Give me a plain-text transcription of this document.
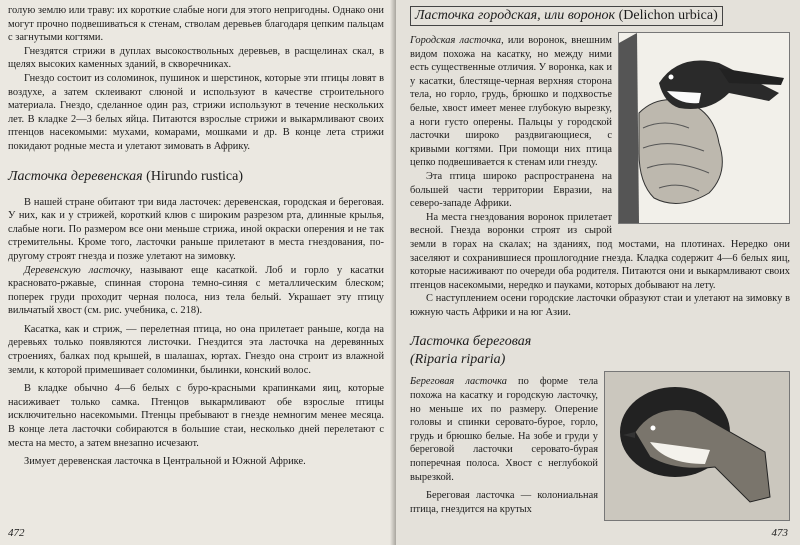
голую землю или траву: их короткие слабые ноги для этого непригодны. Однако они могут прочно подвешиваться к стенам, стволам деревьев благодаря цепким пальцам с загнутыми когтями.

Гнездятся стрижи в дуплах высокоствольных деревьев, в расщелинах скал, в щелях высоких каменных зданий, в скворечниках.

Гнездо состоит из соломинок, пушинок и шерстинок, которые эти птицы ловят в воздухе, а затем склеивают слюной и используют в качестве строительного материала. Гнездо, сделанное один раз, стрижи используют в течение нескольких лет. В кладке 2—3 белых яйца. Питаются взрослые стрижи и выкармливают своих птенцов насекомыми: мухами, комарами, мошками и др. В конце лета стрижи покидают родные места и улетают зимовать в Африку.

Ласточка деревенская (Hirundo rustica)

В нашей стране обитают три вида ласточек: деревенская, городская и береговая. У них, как и у стрижей, короткий клюв с широким разрезом рта, длинные крылья, слабые ноги. По размером все они меньше стрижа, иной окраски оперения и не так стремительны. Кроме того, ласточки раньше прилетают в места гнездования, по-другому строят гнезда и позже улетают на зимовку.

Деревенскую ласточку, называют еще касаткой. Лоб и горло у касатки красновато-ржавые, спинная сторона темно-синяя с металлическим блеском; поперек груди проходит черная полоса, низ тела белый. Украшает эту птицу вильчатый хвост (см. рис. учебника, с. 218).

Касатка, как и стриж, — перелетная птица, но она прилетает раньше, когда на деревьях только появляются листочки. Гнездится эта ласточка на деревянных строениях, балках под крышей, в шалашах, юртах. Гнездо она строит из влажной земли, к которой примешивает соломинки, былинки, конский волос.

В кладке обычно 4—6 белых с буро-красными крапинками яиц, которые насиживает только самка. Птенцов выкармливают обе взрослые птицы исключительно насекомыми. Птенцы пребывают в гнезде немногим менее месяца. В конце лета ласточки собираются в большие стаи, несколько дней перелетают с места на место, а затем внезапно исчезают.

Зимует деревенская ласточка в Центральной и Южной Африке.

472
Ласточка городская, или воронок (Delichon urbica)

Городская ласточка, или воронок, внешним видом похожа на касатку, но между ними есть существенные отличия. У воронка, как и у касатки, блестяще-черная верхняя сторона тела, но горло, грудь, брюшко и подхвостье белые, хвост имеет менее глубокую вырезку, а ноги густо оперены. Пальцы у городской ласточки широко раздвигающиеся, с кривыми когтями. При помощи них птица цепко подвешивается к стенам или гнезду.

Эта птица широко распространена на большей части территории Евразии, на северо-западе Африки.

На места гнездования воронок прилетает весной. Гнезда воронки строят из сырой земли в горах на скалах; на зданиях, под мостами, на плотинах. Нередко они заселяют и сохранившиеся прошлогодние гнезда. Кладка содержит 4—6 белых яиц, которые насиживают по очереди оба родителя. Питаются они и выкармливают своих птенцов насекомыми, нередко и пауками, которых добывают на лету.

С наступлением осени городские ласточки образуют стаи и улетают на зимовку в южную часть Африки и на юг Азии.

Ласточка береговая
(Riparia riparia)

Береговая ласточка по форме тела похожа на касатку и городскую ласточку, но меньше их по размеру. Оперение головы и спинки серовато-бурое, горло, грудь и брюшко белые. На зобе и груди у береговой ласточки серовато-бурая поперечная полоса. Хвост с неглубокой вырезкой.

Береговая ласточка — колониальная птица, гнездится на крутых

473
